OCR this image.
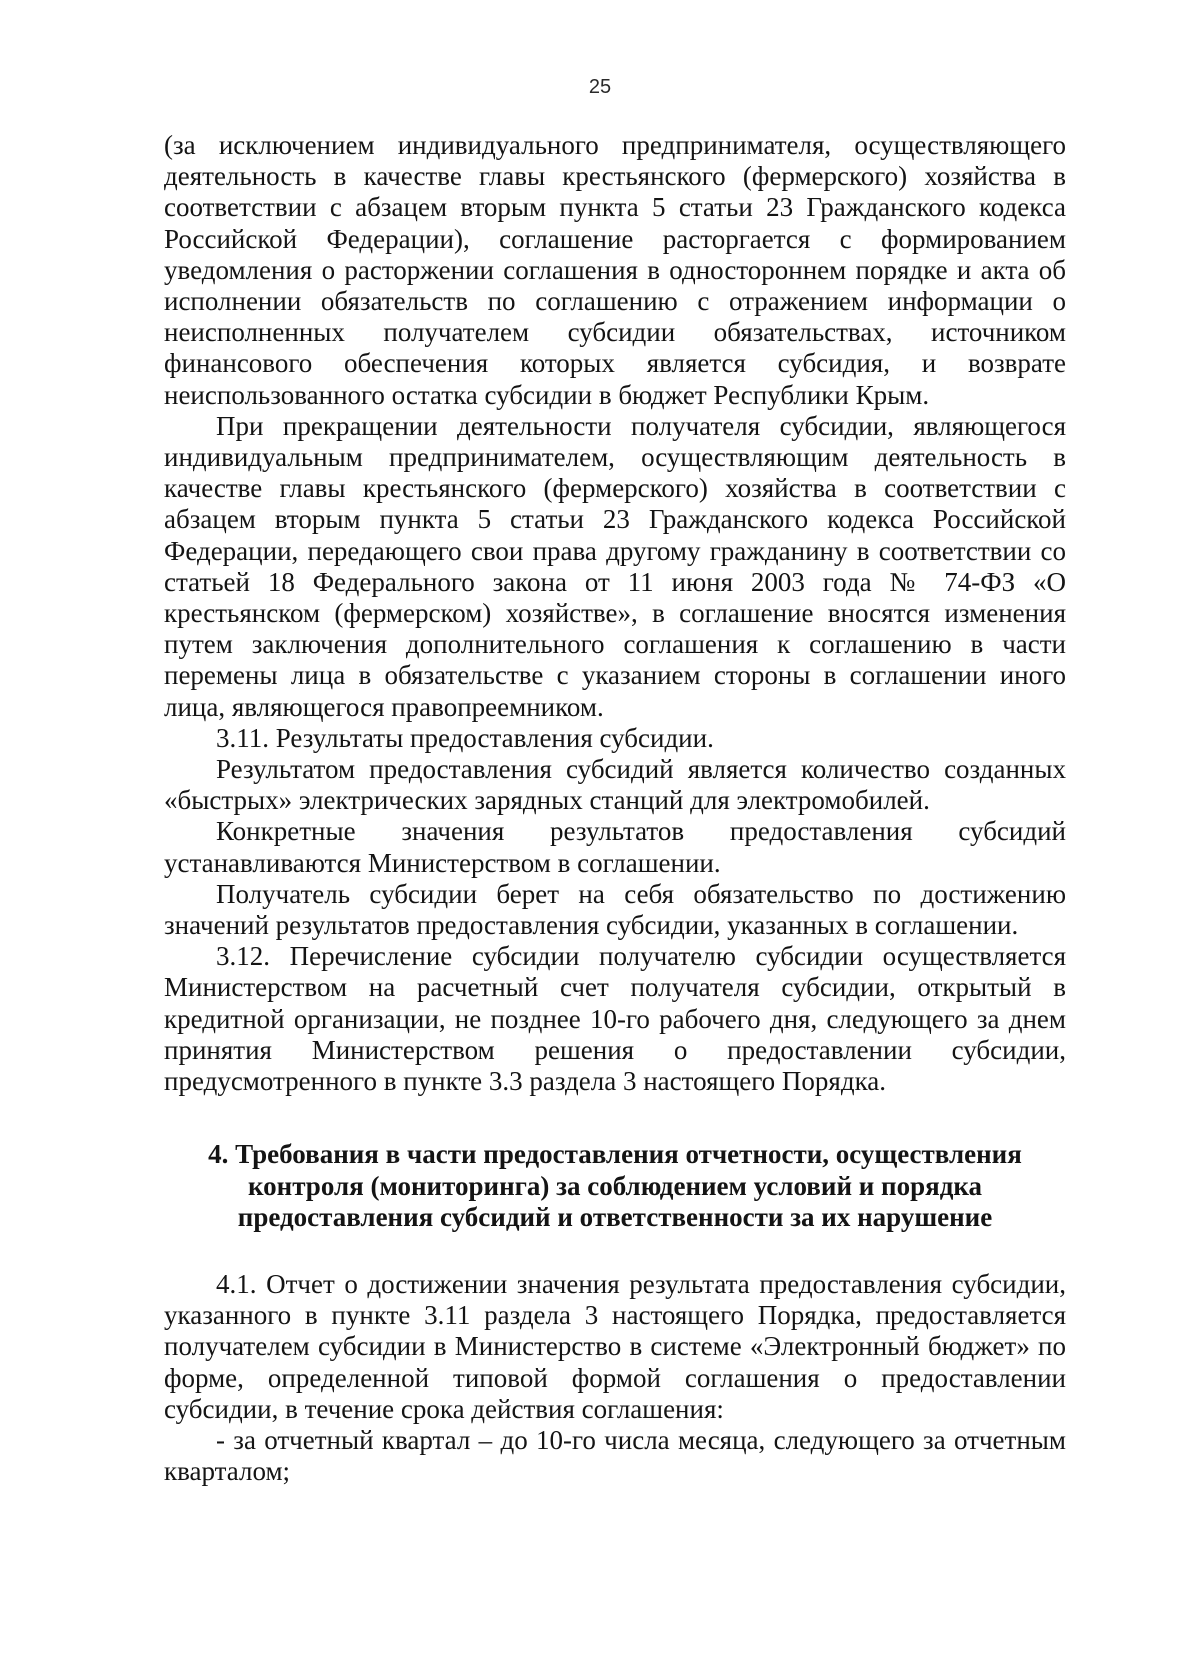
25

(за исключением индивидуального предпринимателя, осуществляющего деятельность в качестве главы крестьянского (фермерского) хозяйства в соответствии с абзацем вторым пункта 5 статьи 23 Гражданского кодекса Российской Федерации), соглашение расторгается с формированием уведомления о расторжении соглашения в одностороннем порядке и акта об исполнении обязательств по соглашению с отражением информации о неисполненных получателем субсидии обязательствах, источником финансового обеспечения которых является субсидия, и возврате неиспользованного остатка субсидии в бюджет Республики Крым.

При прекращении деятельности получателя субсидии, являющегося индивидуальным предпринимателем, осуществляющим деятельность в качестве главы крестьянского (фермерского) хозяйства в соответствии с абзацем вторым пункта 5 статьи 23 Гражданского кодекса Российской Федерации, передающего свои права другому гражданину в соответствии со статьей 18 Федерального закона от 11 июня 2003 года № 74-ФЗ «О крестьянском (фермерском) хозяйстве», в соглашение вносятся изменения путем заключения дополнительного соглашения к соглашению в части перемены лица в обязательстве с указанием стороны в соглашении иного лица, являющегося правопреемником.

3.11. Результаты предоставления субсидии.

Результатом предоставления субсидий является количество созданных «быстрых» электрических зарядных станций для электромобилей.

Конкретные значения результатов предоставления субсидий устанавливаются Министерством в соглашении.

Получатель субсидии берет на себя обязательство по достижению значений результатов предоставления субсидии, указанных в соглашении.

3.12. Перечисление субсидии получателю субсидии осуществляется Министерством на расчетный счет получателя субсидии, открытый в кредитной организации, не позднее 10-го рабочего дня, следующего за днем принятия Министерством решения о предоставлении субсидии, предусмотренного в пункте 3.3 раздела 3 настоящего Порядка.

4. Требования в части предоставления отчетности, осуществления контроля (мониторинга) за соблюдением условий и порядка предоставления субсидий и ответственности за их нарушение

4.1. Отчет о достижении значения результата предоставления субсидии, указанного в пункте 3.11 раздела 3 настоящего Порядка, предоставляется получателем субсидии в Министерство в системе «Электронный бюджет» по форме, определенной типовой формой соглашения о предоставлении субсидии, в течение срока действия соглашения:

- за отчетный квартал – до 10-го числа месяца, следующего за отчетным кварталом;
